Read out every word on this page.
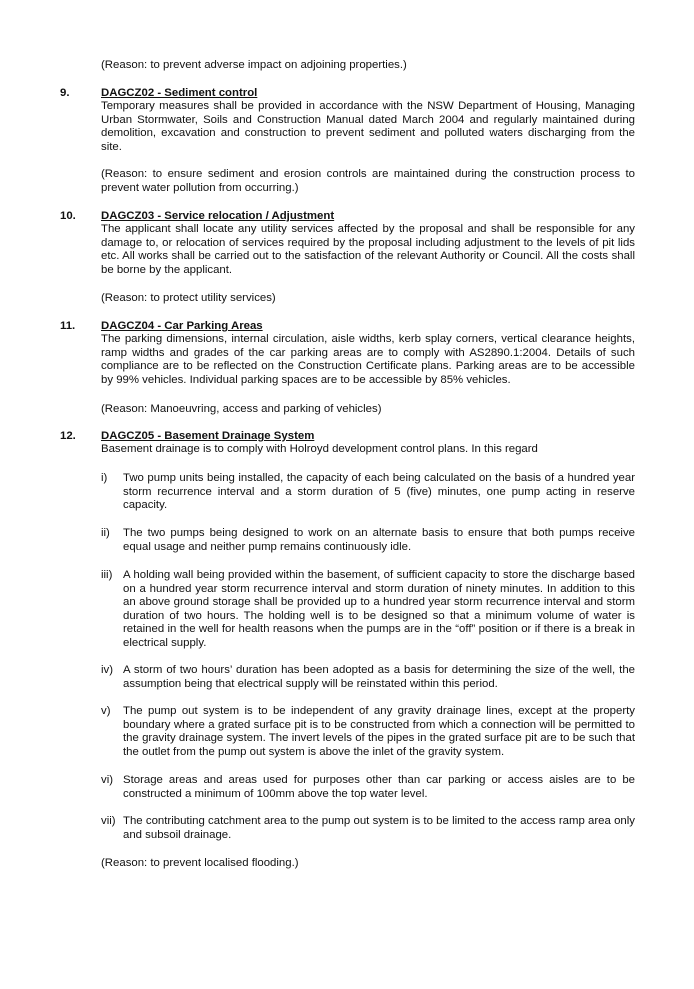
(Reason: to prevent adverse impact on adjoining properties.)

9.	DAGCZ02 - Sediment control

Temporary measures shall be provided in accordance with the NSW Department of Housing, Managing Urban Stormwater, Soils and Construction Manual dated March 2004 and regularly maintained during demolition, excavation and construction to prevent sediment and polluted waters discharging from the site.

(Reason: to ensure sediment and erosion controls are maintained during the construction process to prevent water pollution from occurring.)

10. DAGCZ03 - Service relocation / Adjustment

The applicant shall locate any utility services affected by the proposal and shall be responsible for any damage to, or relocation of services required by the proposal including adjustment to the levels of pit lids etc. All works shall be carried out to the satisfaction of the relevant Authority or Council. All the costs shall be borne by the applicant.

(Reason: to protect utility services)

11. DAGCZ04 - Car Parking Areas

The parking dimensions, internal circulation, aisle widths, kerb splay corners, vertical clearance heights, ramp widths and grades of the car parking areas are to comply with AS2890.1:2004. Details of such compliance are to be reflected on the Construction Certificate plans. Parking areas are to be accessible by 99% vehicles. Individual parking spaces are to be accessible by 85% vehicles.

(Reason: Manoeuvring, access and parking of vehicles)

12. DAGCZ05 - Basement Drainage System

Basement drainage is to comply with Holroyd development control plans. In this regard

i) Two pump units being installed, the capacity of each being calculated on the basis of a hundred year storm recurrence interval and a storm duration of 5 (five) minutes, one pump acting in reserve capacity.

ii) The two pumps being designed to work on an alternate basis to ensure that both pumps receive equal usage and neither pump remains continuously idle.

iii) A holding wall being provided within the basement, of sufficient capacity to store the discharge based on a hundred year storm recurrence interval and storm duration of ninety minutes. In addition to this an above ground storage shall be provided up to a hundred year storm recurrence interval and storm duration of two hours. The holding well is to be designed so that a minimum volume of water is retained in the well for health reasons when the pumps are in the “off” position or if there is a break in electrical supply.

iv) A storm of two hours’ duration has been adopted as a basis for determining the size of the well, the assumption being that electrical supply will be reinstated within this period.

v) The pump out system is to be independent of any gravity drainage lines, except at the property boundary where a grated surface pit is to be constructed from which a connection will be permitted to the gravity drainage system. The invert levels of the pipes in the grated surface pit are to be such that the outlet from the pump out system is above the inlet of the gravity system.

vi) Storage areas and areas used for purposes other than car parking or access aisles are to be constructed a minimum of 100mm above the top water level.

vii) The contributing catchment area to the pump out system is to be limited to the access ramp area only and subsoil drainage.

(Reason: to prevent localised flooding.)
